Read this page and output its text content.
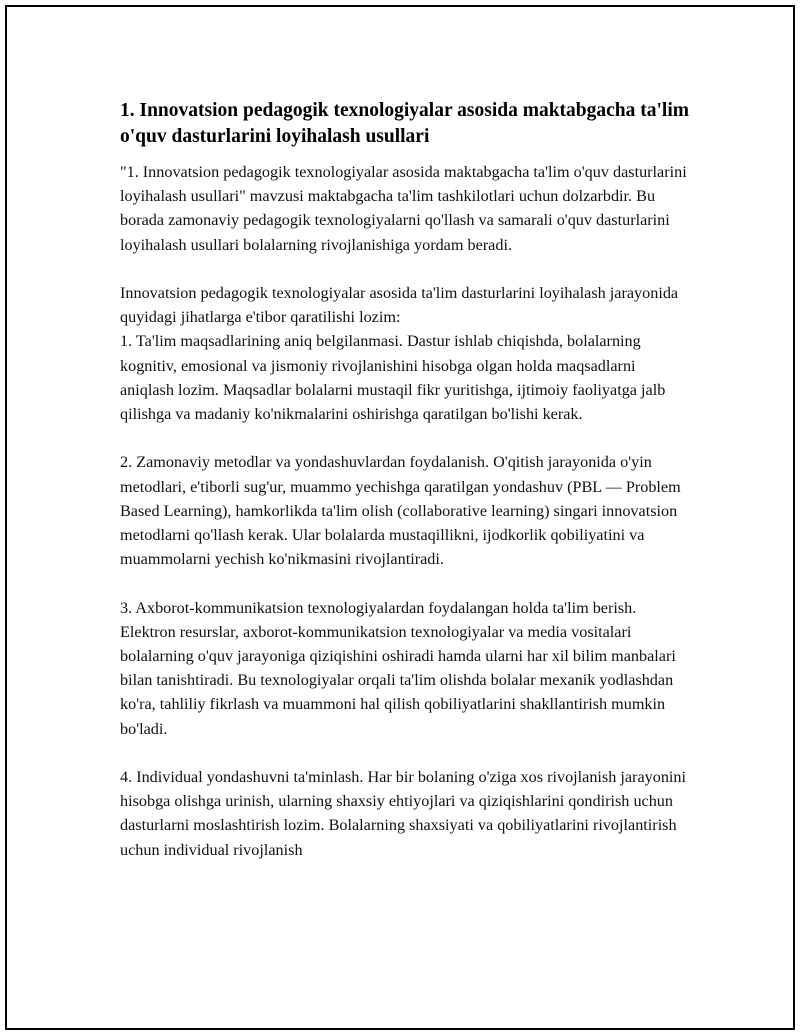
1. Innovatsion pedagogik texnologiyalar asosida maktabgacha ta'lim o'quv dasturlarini loyihalash usullari

"1. Innovatsion pedagogik texnologiyalar asosida maktabgacha ta'lim o'quv dasturlarini loyihalash usullari" mavzusi maktabgacha ta'lim tashkilotlari uchun dolzarbdir. Bu borada zamonaviy pedagogik texnologiyalarni qo'llash va samarali o'quv dasturlarini loyihalash usullari bolalarning rivojlanishiga yordam beradi.

Innovatsion pedagogik texnologiyalar asosida ta'lim dasturlarini loyihalash jarayonida quyidagi jihatlarga e'tibor qaratilishi lozim:
1. Ta'lim maqsadlarining aniq belgilanmasi. Dastur ishlab chiqishda, bolalarning kognitiv, emosional va jismoniy rivojlanishini hisobga olgan holda maqsadlarni aniqlash lozim. Maqsadlar bolalarni mustaqil fikr yuritishga, ijtimoiy faoliyatga jalb qilishga va madaniy ko'nikmalarini oshirishga qaratilgan bo'lishi kerak.

2. Zamonaviy metodlar va yondashuvlardan foydalanish. O'qitish jarayonida o'yin metodlari, e'tiborli sug'ur, muammo yechishga qaratilgan yondashuv (PBL — Problem Based Learning), hamkorlikda ta'lim olish (collaborative learning) singari innovatsion metodlarni qo'llash kerak. Ular bolalarda mustaqillikni, ijodkorlik qobiliyatini va muammolarni yechish ko'nikmasini rivojlantiradi.

3. Axborot-kommunikatsion texnologiyalardan foydalangan holda ta'lim berish. Elektron resurslar, axborot-kommunikatsion texnologiyalar va media vositalari bolalarning o'quv jarayoniga qiziqishini oshiradi hamda ularni har xil bilim manbalari bilan tanishtiradi. Bu texnologiyalar orqali ta'lim olishda bolalar mexanik yodlashdan ko'ra, tahliliy fikrlash va muammoni hal qilish qobiliyatlarini shakllantirish mumkin bo'ladi.

4. Individual yondashuvni ta'minlash. Har bir bolaning o'ziga xos rivojlanish jarayonini hisobga olishga urinish, ularning shaxsiy ehtiyojlari va qiziqishlarini qondirish uchun dasturlarni moslashtirish lozim. Bolalarning shaxsiyati va qobiliyatlarini rivojlantirish uchun individual rivojlanish
